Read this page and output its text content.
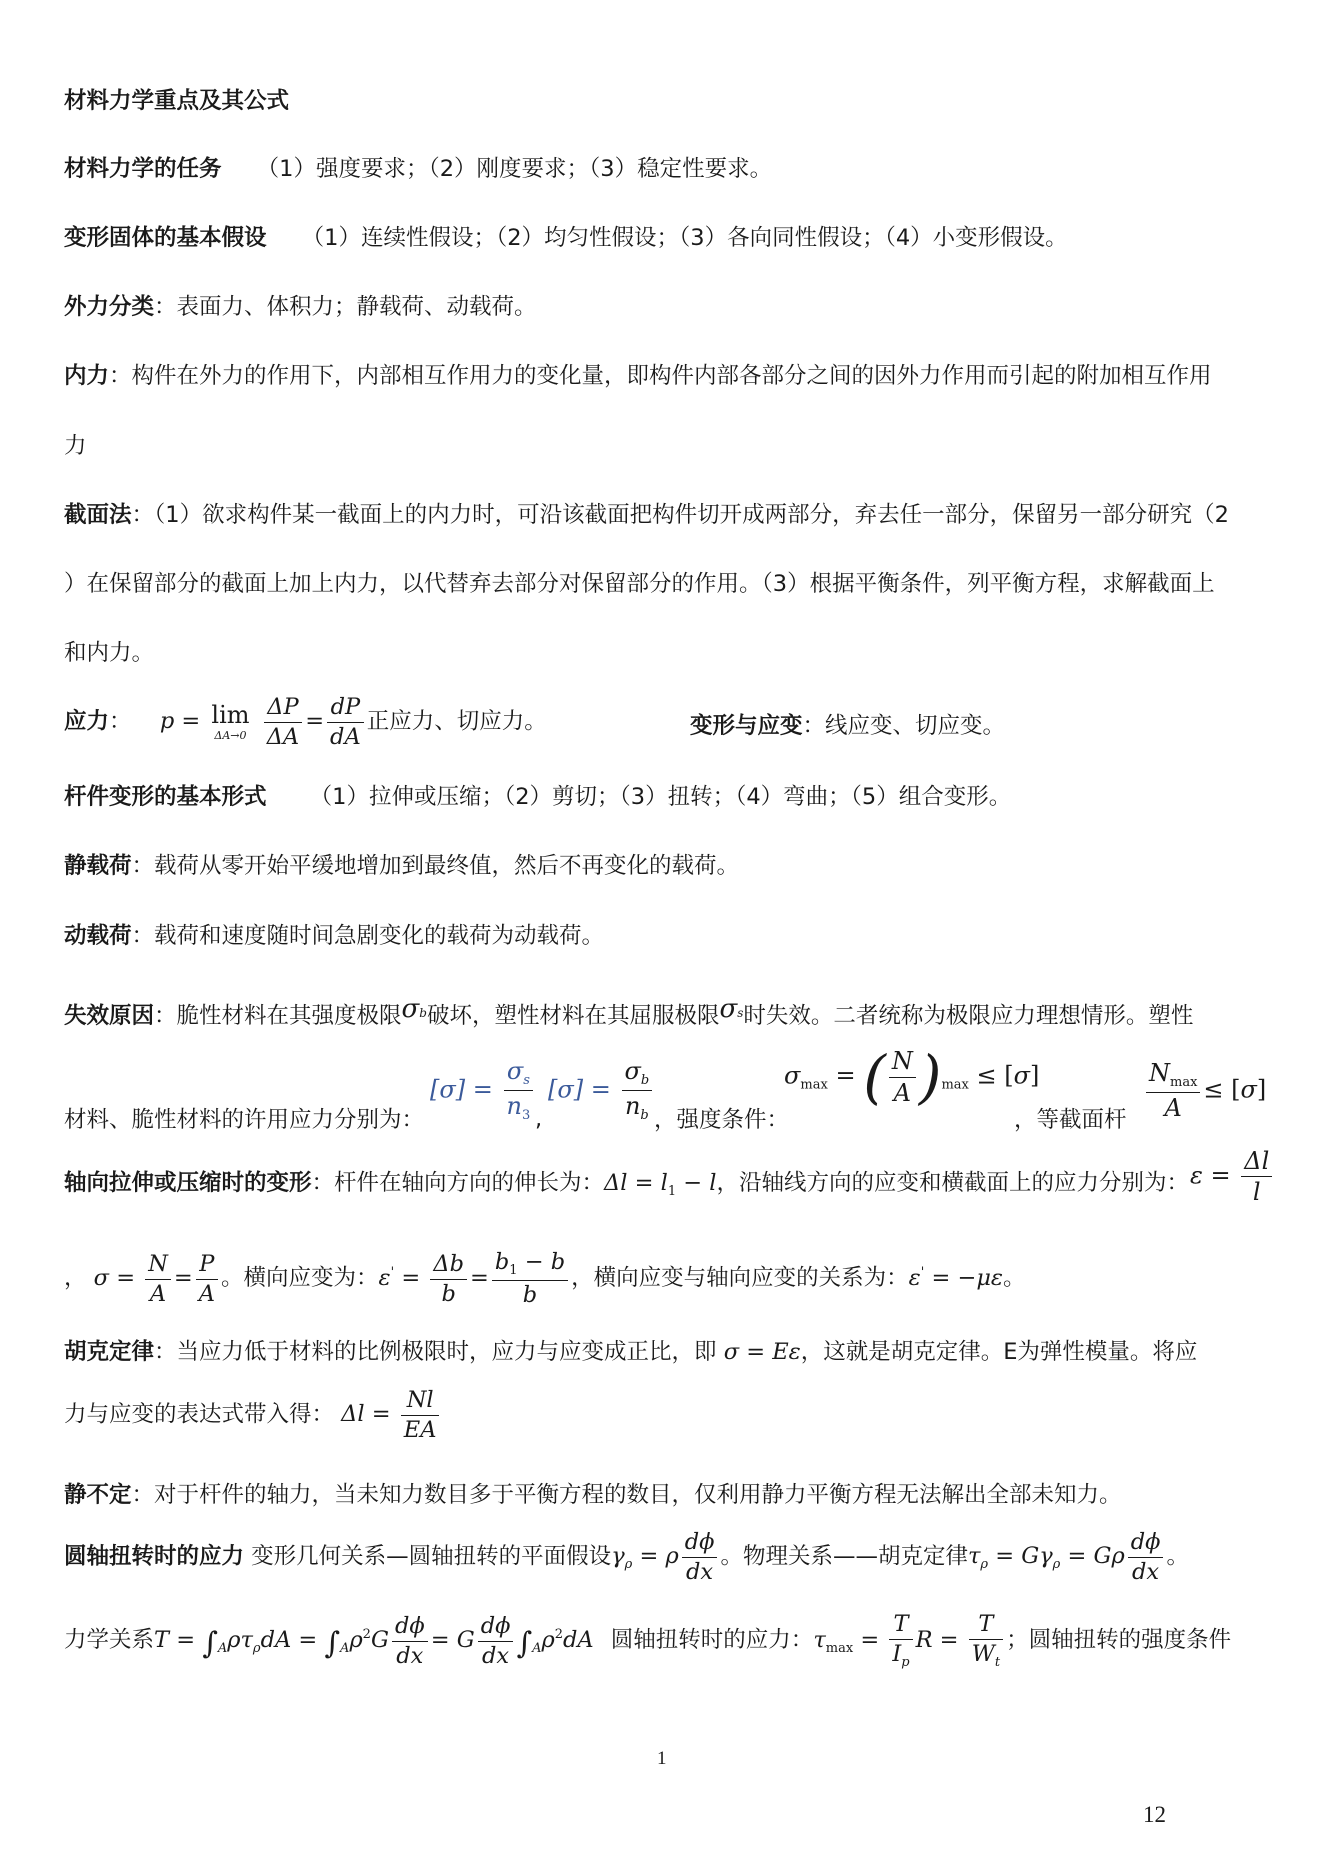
材料力学重点及其公式
材料力学的任务 （1）强度要求；（2）刚度要求；（3）稳定性要求。
变形固体的基本假设 （1）连续性假设；（2）均匀性假设；（3）各向同性假设；（4）小变形假设。
外力分类：表面力、体积力；静载荷、动载荷。
内力：构件在外力的作用下，内部相互作用力的变化量，即构件内部各部分之间的因外力作用而引起的附加相互作用
力
截面法：（1）欲求构件某一截面上的内力时，可沿该截面把构件切开成两部分，弃去任一部分，保留另一部分研究（2
）在保留部分的截面上加上内力，以代替弃去部分对保留部分的作用。（3）根据平衡条件，列平衡方程，求解截面上
和内力。
应力： p = lim
ΔA→0
$\frac{\Delta P}{\Delta A} = \frac{dP}{dA}$ 正应力、切应力。	变形与应变：线应变、切应变。
杆件变形的基本形式 （1）拉伸或压缩；（2）剪切；（3）扭转；（4）弯曲；（5）组合变形。
静载荷：载荷从零开始平缓地增加到最终值，然后不再变化的载荷。
动载荷：载荷和速度随时间急剧变化的载荷为动载荷。
失效原因：脆性材料在其强度极限σb破坏，塑性材料在其屈服极限σs时失效。二者统称为极限应力理想情形。塑性
材料、脆性材料的许用应力分别为：
$[\sigma] = \frac{\sigma_s}{n_3}$ ,
$[\sigma] = \frac{\sigma_b}{n_b}$ ，强度条件：
$\sigma_{max}$ = ( $\frac{N}{A} )_{max} \le [\sigma]$
，等截面杆
$N_{max}$
A
≤ [σ]
轴向拉伸或压缩时的变形：杆件在轴向方向的伸长为：$\Delta l = l_1 - l$，沿轴线方向的应变和横截面上的应力分别为： $\varepsilon = \frac{\Delta l}{l}$
， $\sigma = \frac{N}{A} = \frac{P}{A}$ 。横向应变为：$\varepsilon' = \frac{\Delta b}{b} = \frac{b_1 - b}{b}$ ，横向应变与轴向应变的关系为：ε' = −με。
胡克定律：当应力低于材料的比例极限时，应力与应变成正比，即 σ = Eε，这就是胡克定律。E为弹性模量。将应
力与应变的表达式带入得： $\Delta l = \frac{Nl}{EA}$
静不定：对于杆件的轴力，当未知力数目多于平衡方程的数目，仅利用静力平衡方程无法解出全部未知力。
圆轴扭转时的应力 变形几何关系—圆轴扭转的平面假设$\gamma_\rho = \rho \frac{d\phi}{dx}$ 。物理关系——胡克定律$\tau_\rho = G\gamma_\rho = G\rho \frac{d\phi}{dx}$ 。
力学关系$T = \int_A\rho\tau_\rho dA = \int_A\rho^2G \frac{d\phi}{dx} = G \frac{d\phi}{dx} \int_A\rho^2dA$ 圆轴扭转时的应力：$\tau_{max} = \frac{T}{I_p}$ $R = \frac{T}{W_t}$ ；圆轴扭转的强度条件
1
12
